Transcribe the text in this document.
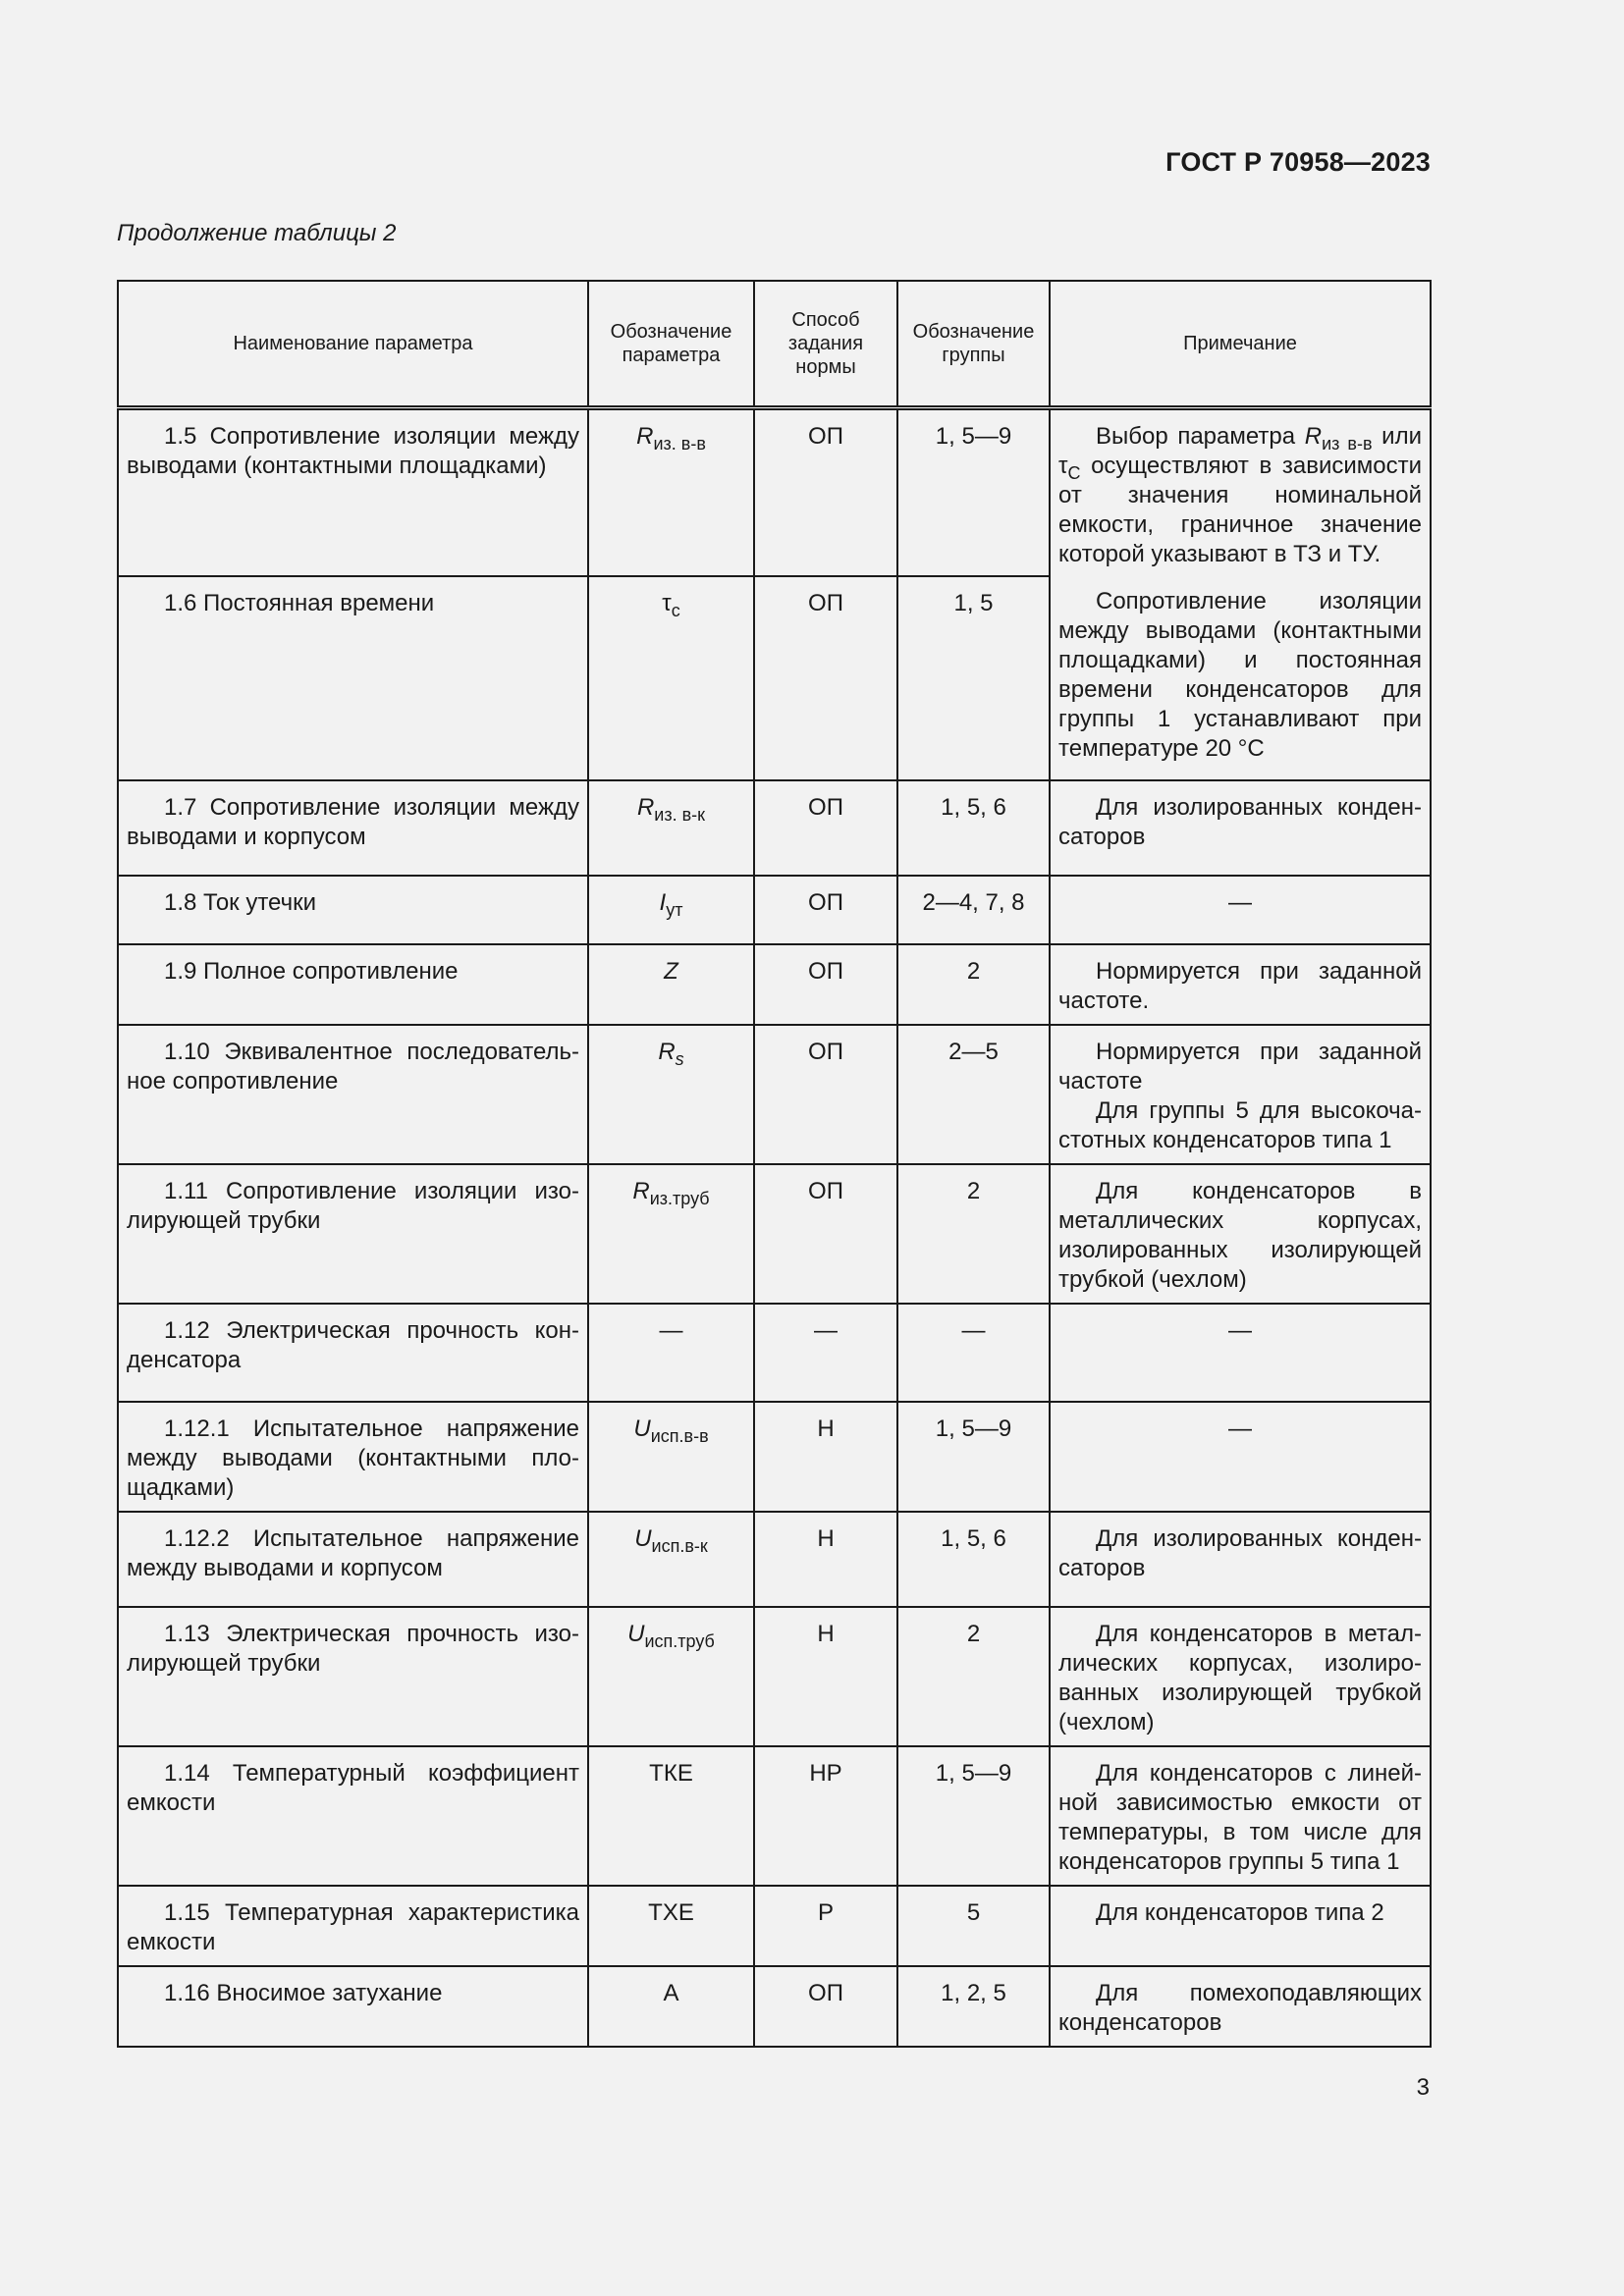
ГОСТ Р 70958—2023
Продолжение таблицы 2
Наименование параметра	Обозначение параметра	Способ задания нормы	Обозначение группы	Примечание
1.5 Сопротивление изоляции между выводами (контактными площадками)	$R_{из. в-в}$	ОП	1, 5—9	Выбор параметра $R_{из в-в}$ или $\tau_С$ осуществляют в зависимости от значения номинальной емкости, граничное значение которой указывают в ТЗ и ТУ.

Сопротивление изоляции между выводами (контактными площадками) и постоянная времени конденсаторов для группы 1 устанавливают при температуре 20 °С

1.6 Постоянная времени	$\tau_с$	ОП	1, 5	
1.7 Сопротивление изоляции между выводами и корпусом	$R_{из. в-к}$	ОП	1, 5, 6	Для изолированных конден-саторов

1.8 Ток утечки	$I_{ут}$	ОП	2—4, 7, 8	—
1.9 Полное сопротивление	Z	ОП	2	Нормируется при заданной частоте.

1.10 Эквивалентное последователь-ное сопротивление	$R_s$	ОП	2—5	Нормируется при заданной частоте

Для группы 5 для высокоча-стотных конденсаторов типа 1

1.11 Сопротивление изоляции изо-лирующей трубки	$R_{из.труб}$	ОП	2	Для конденсаторов в металлических корпусах, изолированных изолирующей трубкой (чехлом)

1.12 Электрическая прочность кон-денсатора	—	—	—	—
1.12.1 Испытательное напряжение между выводами (контактными пло-щадками)	$U_{исп.в-в}$	Н	1, 5—9	—
1.12.2 Испытательное напряжение между выводами и корпусом	$U_{исп.в-к}$	Н	1, 5, 6	Для изолированных конден-саторов

1.13 Электрическая прочность изо-лирующей трубки	$U_{исп.труб}$	Н	2	Для конденсаторов в метал-лических корпусах, изолиро-ванных изолирующей трубкой (чехлом)

1.14 Температурный коэффициент емкости	ТКЕ	НР	1, 5—9	Для конденсаторов с линей-ной зависимостью емкости от температуры, в том числе для конденсаторов группы 5 типа 1

1.15 Температурная характеристика емкости	ТХЕ	Р	5	Для конденсаторов типа 2

1.16 Вносимое затухание	А	ОП	1, 2, 5	Для помехоподавляющих конденсаторов

3
